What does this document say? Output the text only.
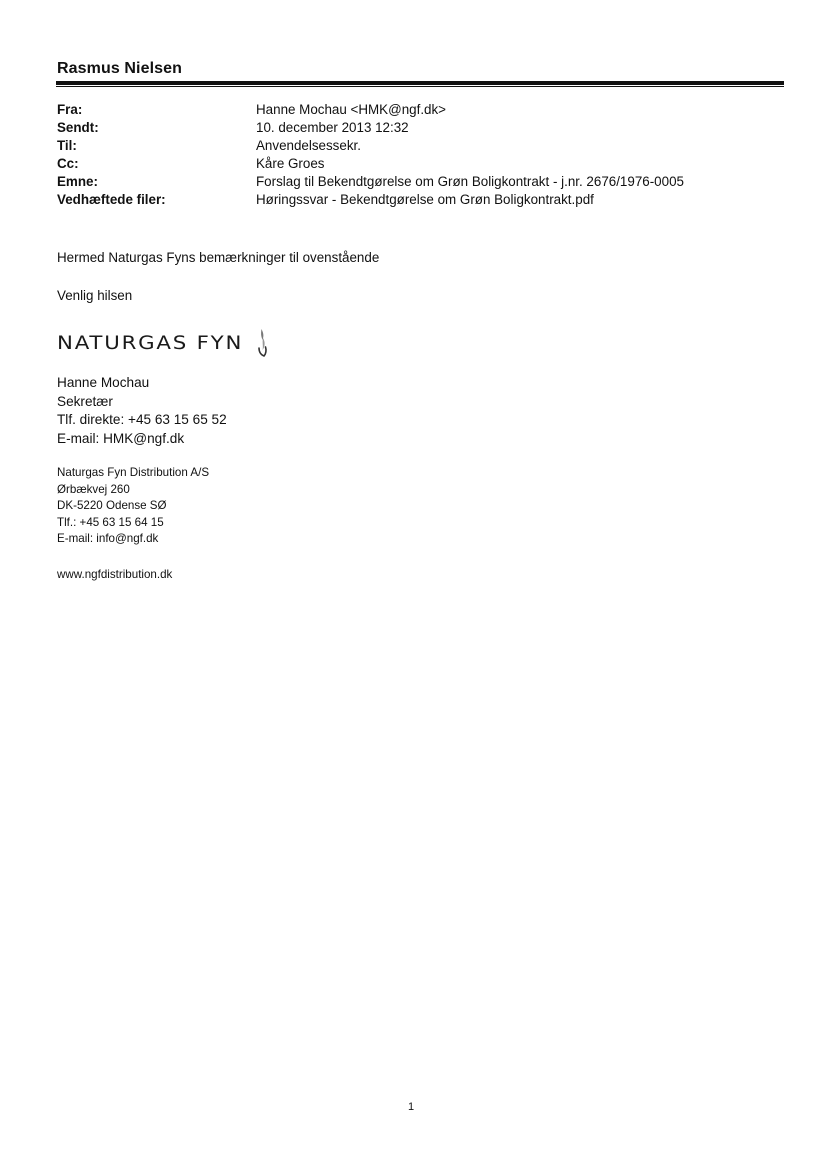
Rasmus Nielsen
Fra:	Hanne Mochau <HMK@ngf.dk>
Sendt:	10. december 2013 12:32
Til:	Anvendelsessekr.
Cc:	Kåre Groes
Emne:	Forslag til Bekendtgørelse om Grøn Boligkontrakt - j.nr. 2676/1976-0005
Vedhæftede filer:	Høringssvar - Bekendtgørelse om Grøn Boligkontrakt.pdf
Hermed Naturgas Fyns bemærkninger til ovenstående
Venlig hilsen
NATURGAS FYN
Hanne Mochau
Sekretær
Tlf. direkte: +45 63 15 65 52
E-mail: HMK@ngf.dk
Naturgas Fyn Distribution A/S
Ørbækvej 260
DK-5220 Odense SØ
Tlf.: +45 63 15 64 15
E-mail: info@ngf.dk
www.ngfdistribution.dk
1
